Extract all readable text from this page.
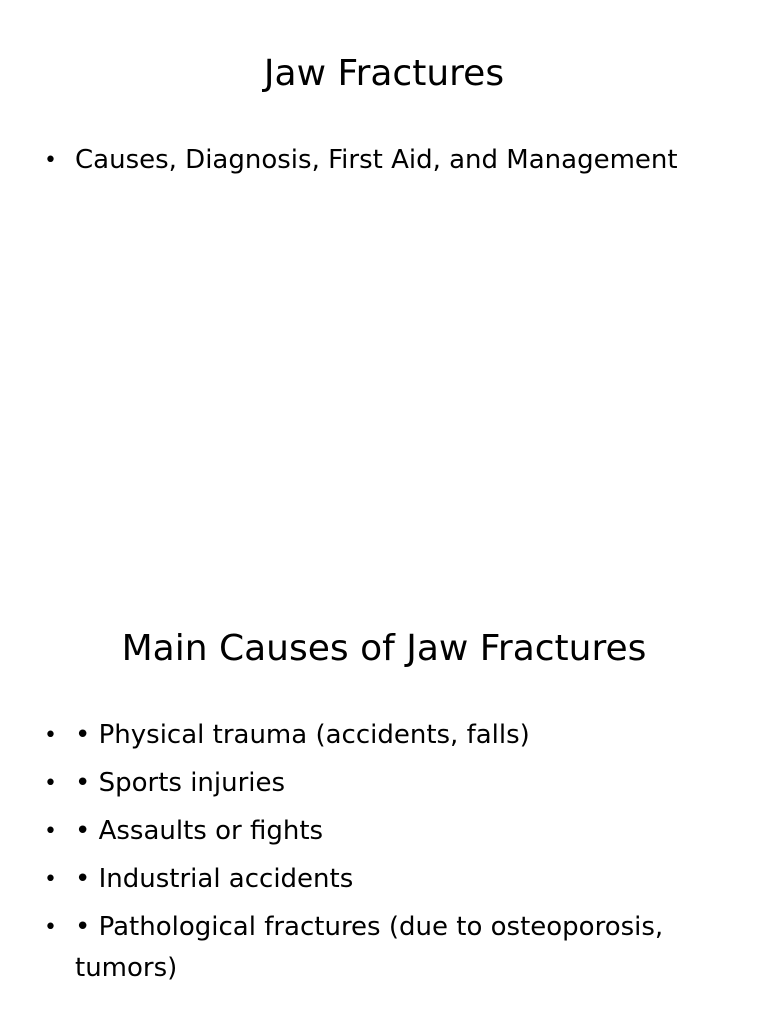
Jaw Fractures
• Causes, Diagnosis, First Aid, and Management
Main Causes of Jaw Fractures
• • Physical trauma (accidents, falls)
• • Sports injuries
• • Assaults or fights
• • Industrial accidents
• • Pathological fractures (due to osteoporosis, tumors)
